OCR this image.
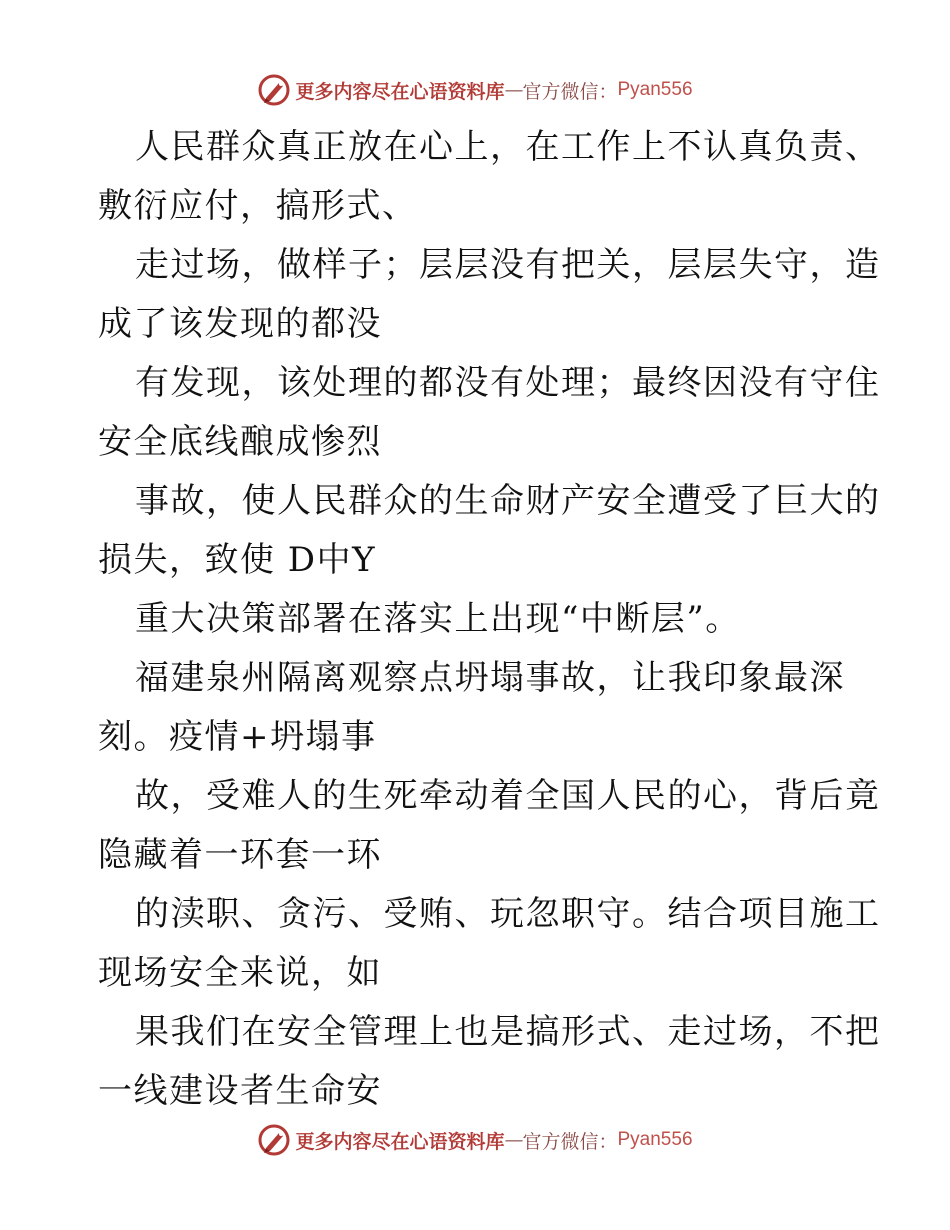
更多内容尽在心语资料库 — 官方微信： Pyan556

人民群众真正放在心上，在工作上不认真负责、
敷衍应付，搞形式、

走过场，做样子；层层没有把关，层层失守，造
成了该发现的都没

有发现，该处理的都没有处理；最终因没有守住
安全底线酿成惨烈

事故，使人民群众的生命财产安全遭受了巨大的
损失，致使 D中Y

重大决策部署在落实上出现“中断层”。

福建泉州隔离观察点坍塌事故，让我印象最深
刻。疫情+坍塌事

故，受难人的生死牵动着全国人民的心，背后竟
隐藏着一环套一环

的渎职、贪污、受贿、玩忽职守。结合项目施工
现场安全来说，如

果我们在安全管理上也是搞形式、走过场，不把
一线建设者生命安

更多内容尽在心语资料库 — 官方微信： Pyan556
